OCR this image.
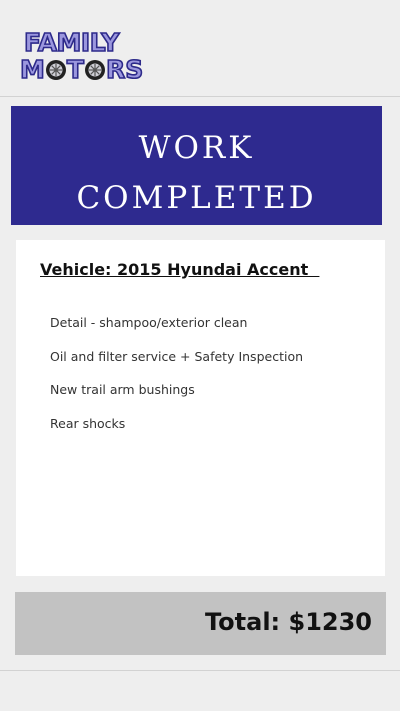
FAMILY
M T RS
WORK
COMPLETED
Vehicle: 2015 Hyundai Accent
Detail - shampoo/exterior clean
Oil and filter service + Safety Inspection
New trail arm bushings
Rear shocks
Total: $1230
